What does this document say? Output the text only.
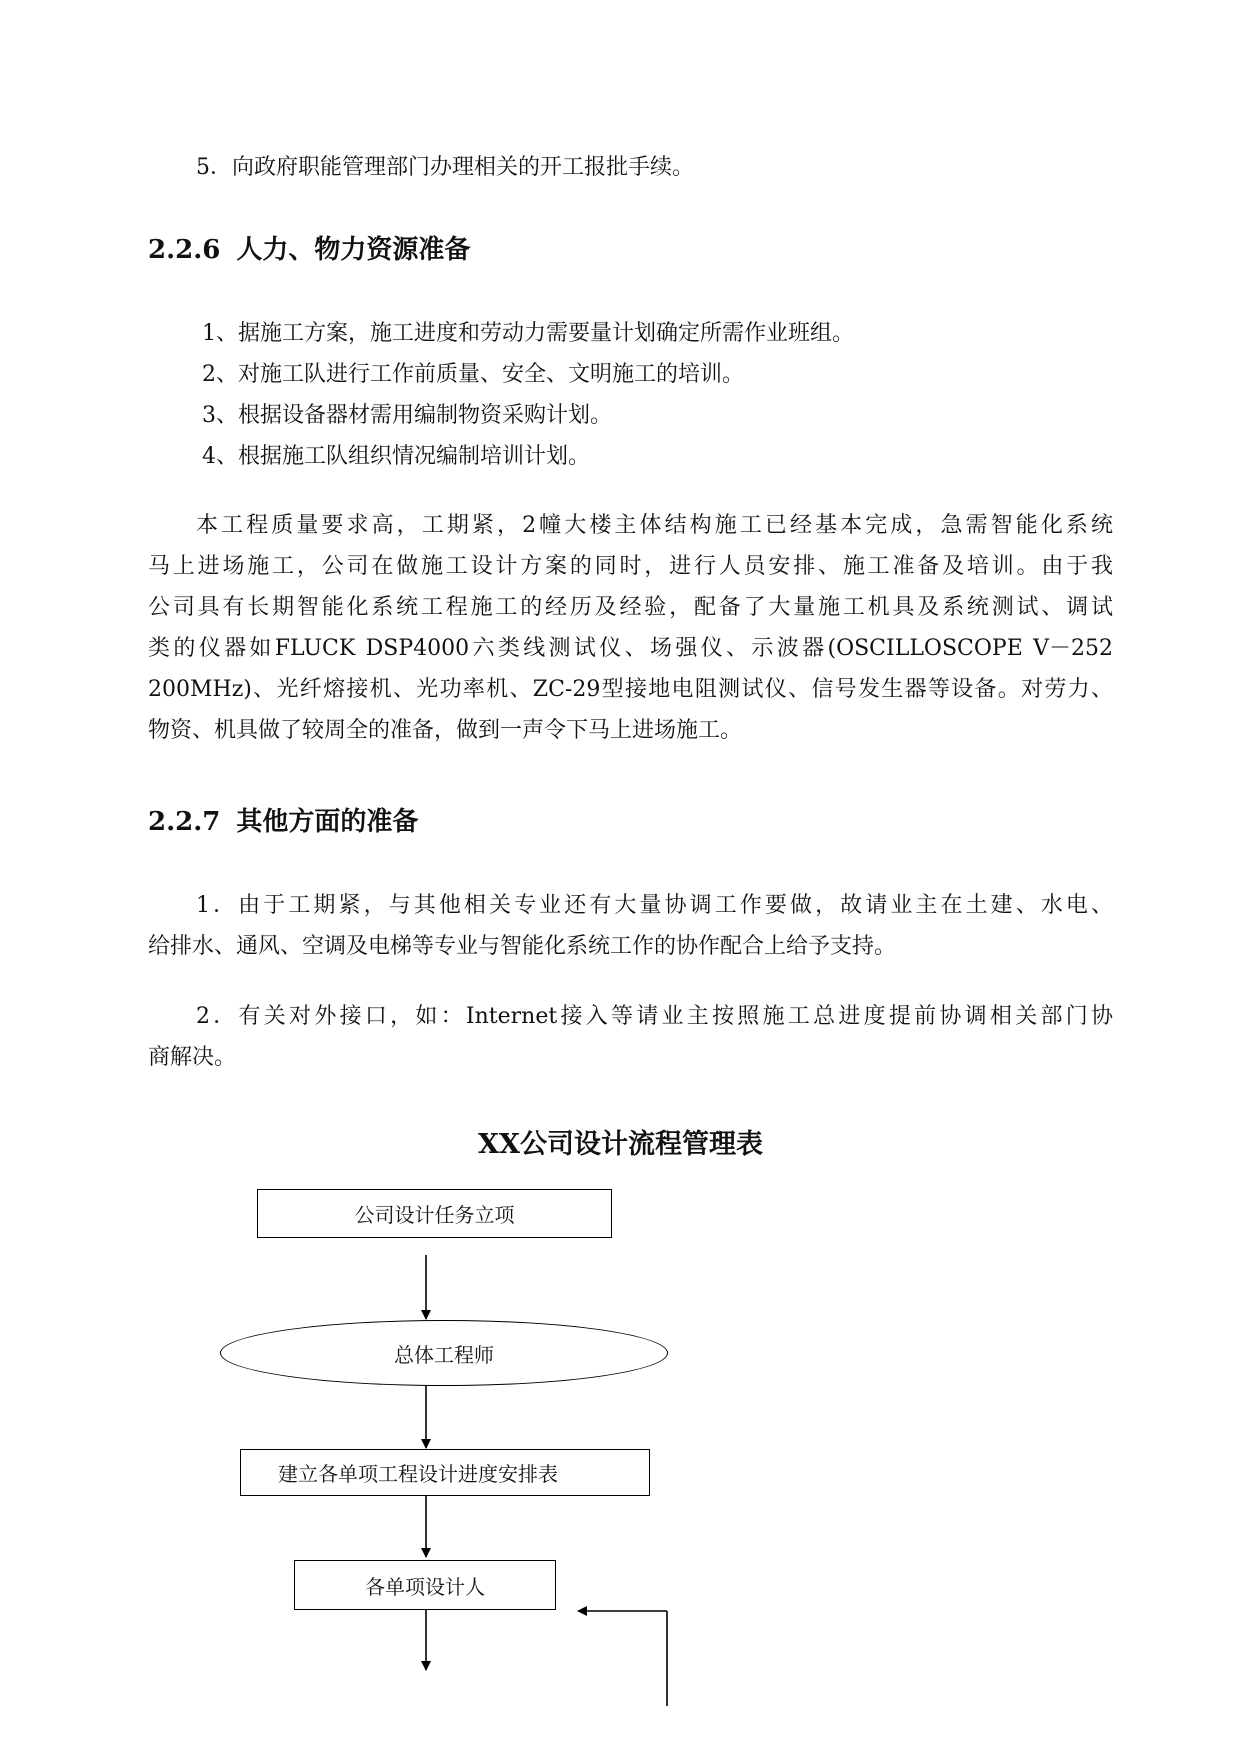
5．向政府职能管理部门办理相关的开工报批手续。
2.2.6 人力、物力资源准备
1、据施工方案，施工进度和劳动力需要量计划确定所需作业班组。
2、对施工队进行工作前质量、安全、文明施工的培训。
3、根据设备器材需用编制物资采购计划。
4、根据施工队组织情况编制培训计划。
本工程质量要求高，工期紧，2幢大楼主体结构施工已经基本完成，急需智能化系统
马上进场施工，公司在做施工设计方案的同时，进行人员安排、施工准备及培训。由于我
公司具有长期智能化系统工程施工的经历及经验，配备了大量施工机具及系统测试、调试
类的仪器如FLUCK DSP4000六类线测试仪、场强仪、示波器(OSCILLOSCOPE V－252
200MHz)、光纤熔接机、光功率机、ZC-29型接地电阻测试仪、信号发生器等设备。对劳力、
物资、机具做了较周全的准备，做到一声令下马上进场施工。
2.2.7 其他方面的准备
1．由于工期紧，与其他相关专业还有大量协调工作要做，故请业主在土建、水电、
给排水、通风、空调及电梯等专业与智能化系统工作的协作配合上给予支持。
2．有关对外接口，如：Internet接入等请业主按照施工总进度提前协调相关部门协
商解决。
XX公司设计流程管理表
公司设计任务立项
总体工程师
建立各单项工程设计进度安排表
各单项设计人
